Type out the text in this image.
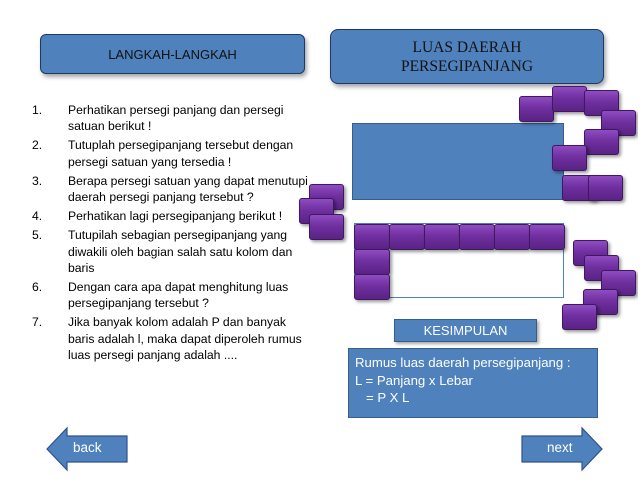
LANGKAH-LANGKAH
1.	Perhatikan persegi panjang dan persegi satuan berikut !
2.	Tutuplah persegipanjang tersebut dengan persegi satuan yang tersedia !
3.	Berapa persegi satuan yang dapat menutupi daerah persegi panjang tersebut ?
4.	Perhatikan lagi persegipanjang berikut !
5.	Tutupilah sebagian persegipanjang yang diwakili oleh bagian salah satu kolom dan baris
6.	Dengan cara apa dapat menghitung luas persegipanjang tersebut ?
7.	Jika banyak kolom adalah P dan banyak baris adalah l, maka dapat diperoleh rumus luas persegi panjang adalah ....
LUAS DAERAH
PERSEGIPANJANG
KESIMPULAN
Rumus luas daerah persegipanjang :
L = Panjang x Lebar
= P X L
back	next
